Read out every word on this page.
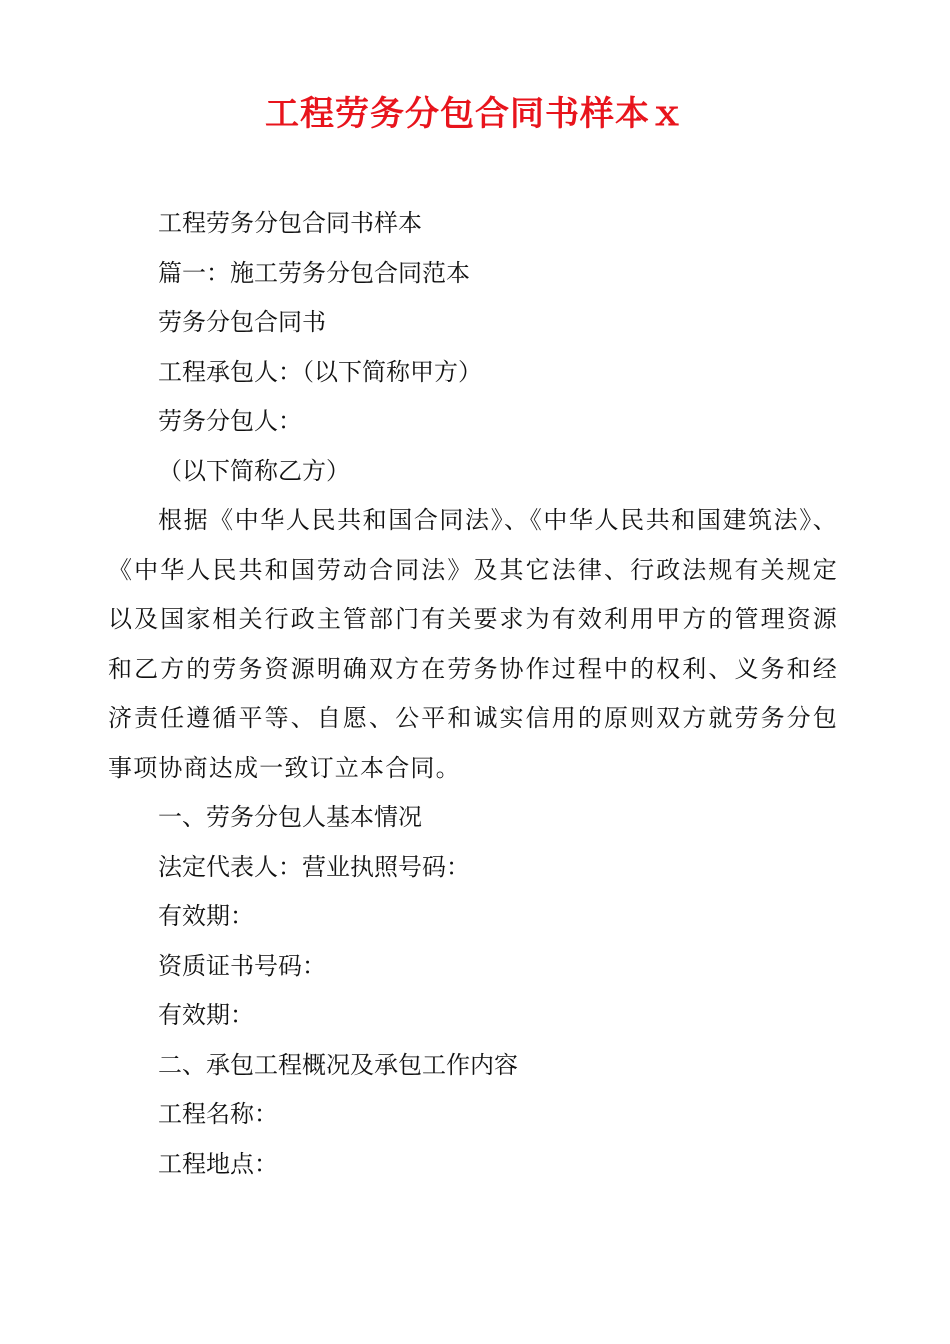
工程劳务分包合同书样本ｘ

工程劳务分包合同书样本

篇一：施工劳务分包合同范本

劳务分包合同书

工程承包人：（以下简称甲方）

劳务分包人：

（以下简称乙方）

根据《中华人民共和国合同法》、《中华人民共和国建筑法》、《中华人民共和国劳动合同法》及其它法律、行政法规有关规定以及国家相关行政主管部门有关要求为有效利用甲方的管理资源和乙方的劳务资源明确双方在劳务协作过程中的权利、义务和经济责任遵循平等、自愿、公平和诚实信用的原则双方就劳务分包事项协商达成一致订立本合同。

一、劳务分包人基本情况

法定代表人：营业执照号码：

有效期：

资质证书号码：

有效期：

二、承包工程概况及承包工作内容

工程名称：

工程地点：
